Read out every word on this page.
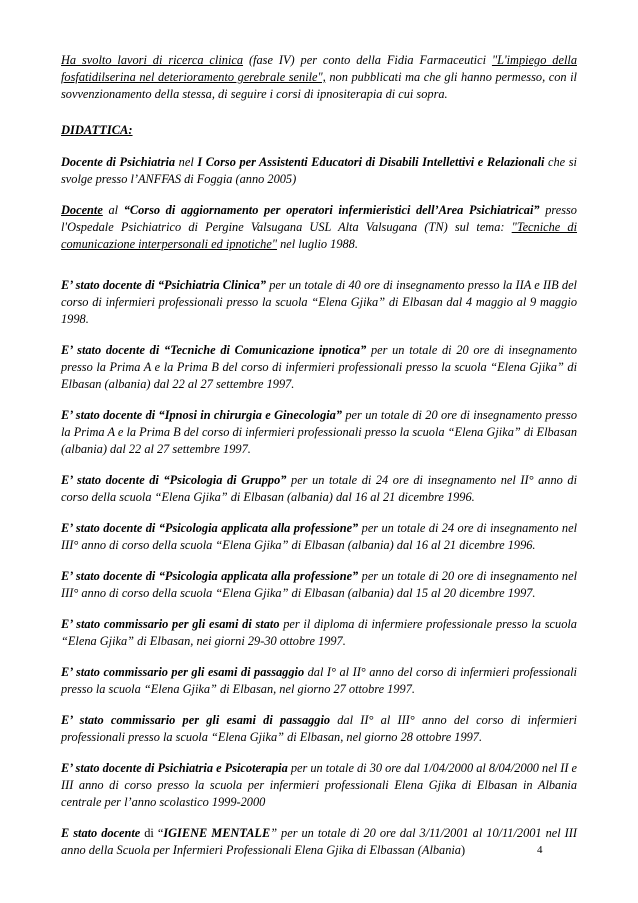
Ha svolto lavori di ricerca clinica (fase IV) per conto della Fidia Farmaceutici "L'impiego della fosfatidilserina nel deterioramento gerebrale senile", non pubblicati ma che gli hanno permesso, con il sovvenzionamento della stessa, di seguire i corsi di ipnositerapia di cui sopra.

DIDATTICA:

Docente di Psichiatria nel I Corso per Assistenti Educatori di Disabili Intellettivi e Relazionali che si svolge presso l’ANFFAS di Foggia (anno 2005)

Docente al “Corso di aggiornamento per operatori infermieristici dell’Area Psichiatricai” presso l'Ospedale Psichiatrico di Pergine Valsugana USL Alta Valsugana (TN) sul tema: "Tecniche di comunicazione interpersonali ed ipnotiche" nel luglio 1988.

E’ stato docente di “Psichiatria Clinica” per un totale di 40 ore di insegnamento presso la IIA e IIB del corso di infermieri professionali presso la scuola “Elena Gjika” di Elbasan dal 4 maggio al 9 maggio 1998.

E’ stato docente di “Tecniche di Comunicazione ipnotica” per un totale di 20 ore di insegnamento presso la Prima A e la Prima B del corso di infermieri professionali presso la scuola “Elena Gjika” di Elbasan (albania) dal 22 al 27 settembre 1997.

E’ stato docente di “Ipnosi in chirurgia e Ginecologia” per un totale di 20 ore di insegnamento presso la Prima A e la Prima B del corso di infermieri professionali presso la scuola “Elena Gjika” di Elbasan (albania) dal 22 al 27 settembre 1997.

E’ stato docente di “Psicologia di Gruppo” per un totale di 24 ore di insegnamento nel II° anno di corso della scuola “Elena Gjika” di Elbasan (albania) dal 16 al 21 dicembre 1996.

E’ stato docente di “Psicologia applicata alla professione” per un totale di 24 ore di insegnamento nel III° anno di corso della scuola “Elena Gjika” di Elbasan (albania) dal 16 al 21 dicembre 1996.

E’ stato docente di “Psicologia applicata alla professione” per un totale di 20 ore di insegnamento nel III° anno di corso della scuola “Elena Gjika” di Elbasan (albania) dal 15 al 20 dicembre 1997.

E’ stato commissario per gli esami di stato per il diploma di infermiere professionale presso la scuola “Elena Gjika” di Elbasan, nei giorni 29-30 ottobre 1997.

E’ stato commissario per gli esami di passaggio dal I° al II° anno del corso di infermieri professionali presso la scuola “Elena Gjika” di Elbasan, nel giorno 27 ottobre 1997.

E’ stato commissario per gli esami di passaggio dal II° al III° anno del corso di infermieri professionali presso la scuola “Elena Gjika” di Elbasan, nel giorno 28 ottobre 1997.

E’ stato docente di Psichiatria e Psicoterapia per un totale di 30 ore dal 1/04/2000 al 8/04/2000 nel II e III anno di corso presso la scuola per infermieri professionali Elena Gjika di Elbasan in Albania centrale per l’anno scolastico 1999-2000

E stato docente di “IGIENE MENTALE” per un totale di 20 ore dal 3/11/2001 al 10/11/2001 nel III anno della Scuola per Infermieri Professionali Elena Gjika di Elbassan (Albania)	4
